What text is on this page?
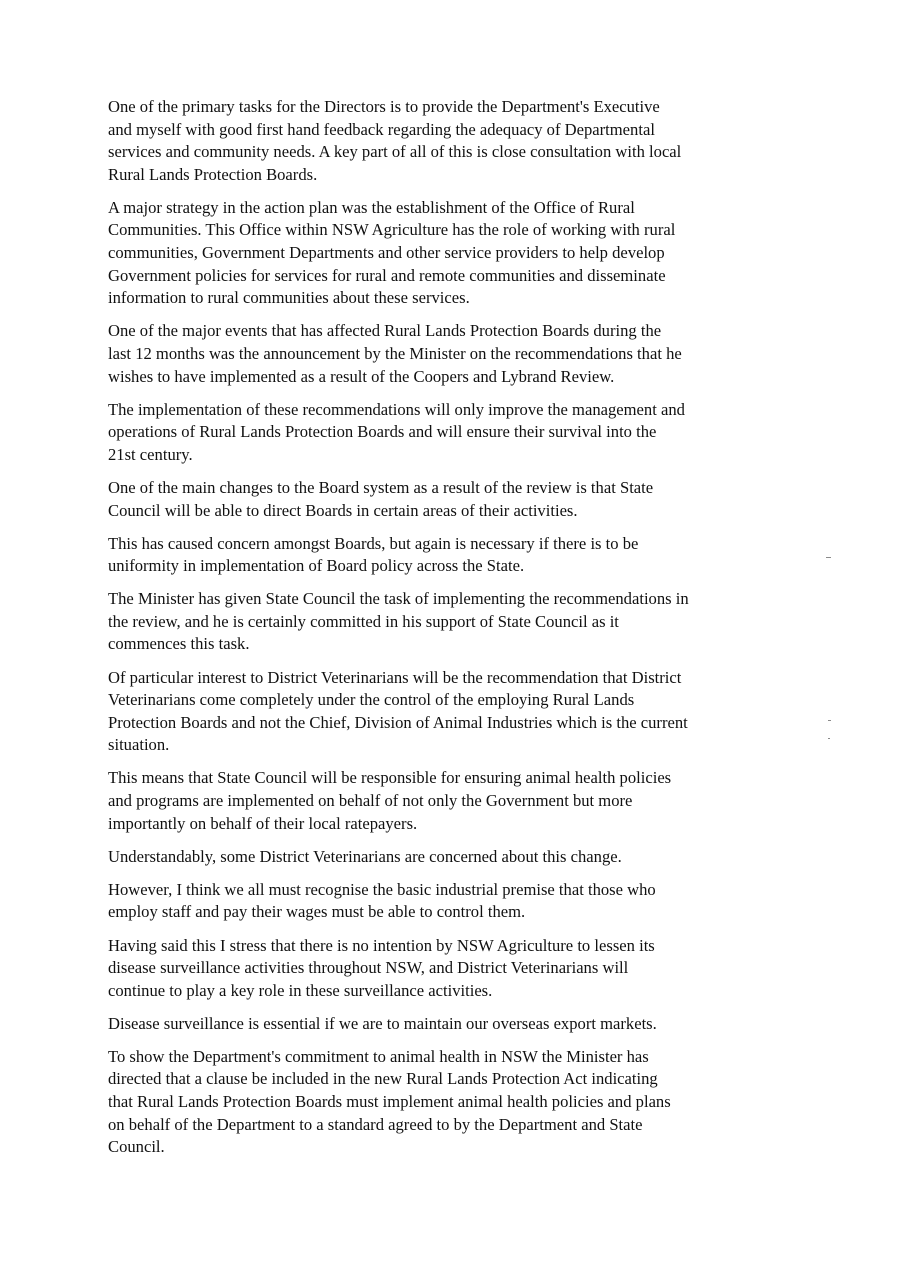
One of the primary tasks for the Directors is to provide the Department's Executive
and myself with good first hand feedback regarding the adequacy of Departmental
services and community needs. A key part of all of this is close consultation with local
Rural Lands Protection Boards.

A major strategy in the action plan was the establishment of the Office of Rural
Communities. This Office within NSW Agriculture has the role of working with rural
communities, Government Departments and other service providers to help develop
Government policies for services for rural and remote communities and disseminate
information to rural communities about these services.

One of the major events that has affected Rural Lands Protection Boards during the
last 12 months was the announcement by the Minister on the recommendations that he
wishes to have implemented as a result of the Coopers and Lybrand Review.

The implementation of these recommendations will only improve the management and
operations of Rural Lands Protection Boards and will ensure their survival into the
21st century.

One of the main changes to the Board system as a result of the review is that State
Council will be able to direct Boards in certain areas of their activities.

This has caused concern amongst Boards, but again is necessary if there is to be
uniformity in implementation of Board policy across the State.

The Minister has given State Council the task of implementing the recommendations in
the review, and he is certainly committed in his support of State Council as it
commences this task.

Of particular interest to District Veterinarians will be the recommendation that District
Veterinarians come completely under the control of the employing Rural Lands
Protection Boards and not the Chief, Division of Animal Industries which is the current
situation.

This means that State Council will be responsible for ensuring animal health policies
and programs are implemented on behalf of not only the Government but more
importantly on behalf of their local ratepayers.

Understandably, some District Veterinarians are concerned about this change.

However, I think we all must recognise the basic industrial premise that those who
employ staff and pay their wages must be able to control them.

Having said this I stress that there is no intention by NSW Agriculture to lessen its
disease surveillance activities throughout NSW, and District Veterinarians will
continue to play a key role in these surveillance activities.

Disease surveillance is essential if we are to maintain our overseas export markets.

To show the Department's commitment to animal health in NSW the Minister has
directed that a clause be included in the new Rural Lands Protection Act indicating
that Rural Lands Protection Boards must implement animal health policies and plans
on behalf of the Department to a standard agreed to by the Department and State
Council.
